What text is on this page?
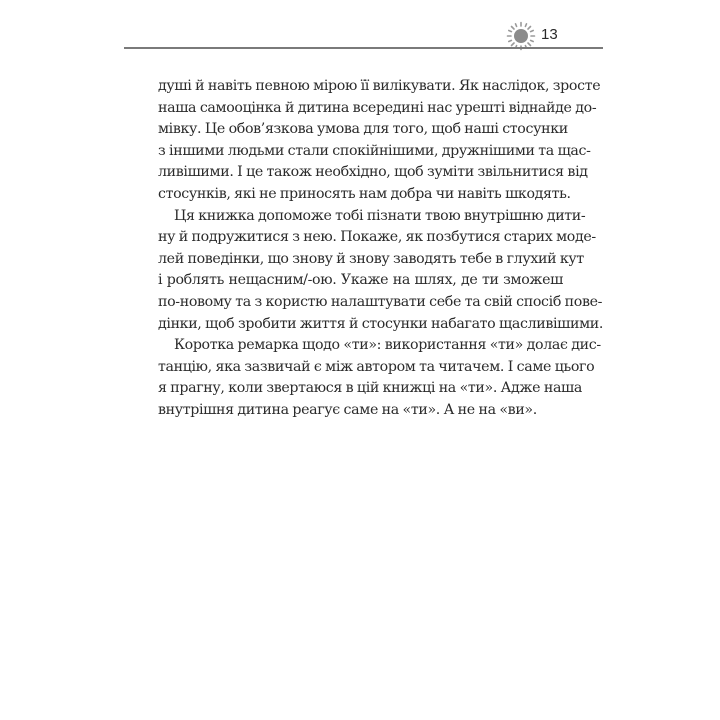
13
душі й навіть певною мірою її вилікувати. Як наслідок, зросте
наша самооцінка й дитина всередині нас урешті віднайде до-
мівку. Це обов’язкова умова для того, щоб наші стосунки
з іншими людьми стали спокійнішими, дружнішими та щас-
ливішими. І це також необхідно, щоб зуміти звільнитися від
стосунків, які не приносять нам добра чи навіть шкодять.
Ця книжка допоможе тобі пізнати твою внутрішню дити-
ну й подружитися з нею. Покаже, як позбутися старих моде-
лей поведінки, що знову й знову заводять тебе в глухий кут
і роблять нещасним/-ою. Укаже на шлях, де ти зможеш
по-новому та з користю налаштувати себе та свій спосіб пове-
дінки, щоб зробити життя й стосунки набагато щасливішими.
Коротка ремарка щодо «ти»: використання «ти» долає дис-
танцію, яка зазвичай є між автором та читачем. І саме цього
я прагну, коли звертаюся в цій книжці на «ти». Адже наша
внутрішня дитина реагує саме на «ти». А не на «ви».
